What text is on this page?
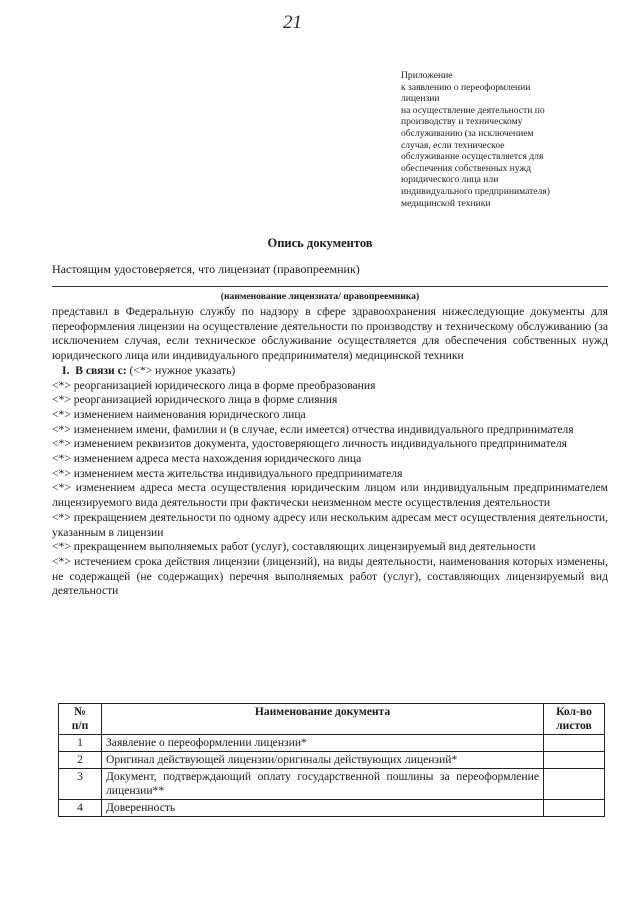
21
Приложение
к заявлению о переоформлении
лицензии
на осуществление деятельности по
производству и техническому
обслуживанию (за исключением
случая, если техническое
обслуживание осуществляется для
обеспечения собственных нужд
юридического лица или
индивидуального предпринимателя)
медицинской техники
Опись документов
Настоящим удостоверяется, что лицензиат (правопреемник)
(наименование лицензиата/ правопреемника)

представил в Федеральную службу по надзору в сфере здравоохранения нижеследующие документы для переоформления лицензии на осуществление деятельности по производству и техническому обслуживанию (за исключением случая, если техническое обслуживание осуществляется для обеспечения собственных нужд юридического лица или индивидуального предпринимателя) медицинской техники

I. В связи с: (<*> нужное указать)

<*> реорганизацией юридического лица в форме преобразования

<*> реорганизацией юридического лица в форме слияния

<*> изменением наименования юридического лица

<*> изменением имени, фамилии и (в случае, если имеется) отчества индивидуального предпринимателя

<*> изменением реквизитов документа, удостоверяющего личность индивидуального предпринимателя

<*> изменением адреса места нахождения юридического лица

<*> изменением места жительства индивидуального предпринимателя

<*> изменением адреса места осуществления юридическим лицом или индивидуальным предпринимателем лицензируемого вида деятельности при фактически неизменном месте осуществления деятельности

<*> прекращением деятельности по одному адресу или нескольким адресам мест осуществления деятельности, указанным в лицензии

<*> прекращением выполняемых работ (услуг), составляющих лицензируемый вид деятельности

<*> истечением срока действия лицензии (лицензий), на виды деятельности, наименования которых изменены, не содержащей (не содержащих) перечня выполняемых работ (услуг), составляющих лицензируемый вид деятельности

№
п/п	Наименование документа	Кол-во
листов
1	Заявление о переоформлении лицензии*	
2	Оригинал действующей лицензии/оригиналы действующих лицензий*	
3	Документ, подтверждающий оплату государственной пошлины за переоформление лицензии**	
4	Доверенность	
